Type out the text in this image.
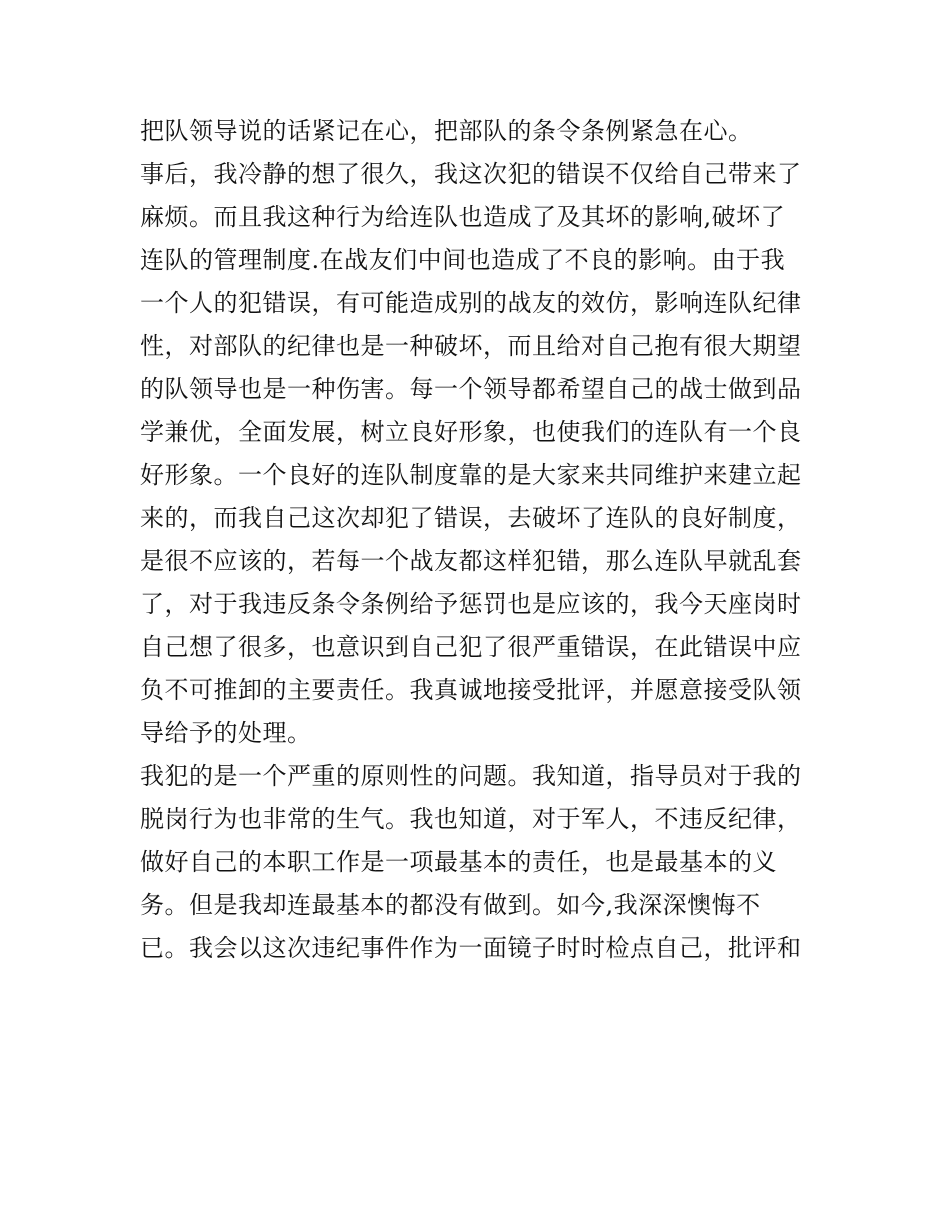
把队领导说的话紧记在心，把部队的条令条例紧急在心。
事后，我冷静的想了很久，我这次犯的错误不仅给自己带来了
麻烦。而且我这种行为给连队也造成了及其坏的影响,破坏了
连队的管理制度.在战友们中间也造成了不良的影响。由于我
一个人的犯错误，有可能造成别的战友的效仿，影响连队纪律
性，对部队的纪律也是一种破坏，而且给对自己抱有很大期望
的队领导也是一种伤害。每一个领导都希望自己的战士做到品
学兼优，全面发展，树立良好形象，也使我们的连队有一个良
好形象。一个良好的连队制度靠的是大家来共同维护来建立起
来的，而我自己这次却犯了错误，去破坏了连队的良好制度，
是很不应该的，若每一个战友都这样犯错，那么连队早就乱套
了，对于我违反条令条例给予惩罚也是应该的，我今天座岗时
自己想了很多，也意识到自己犯了很严重错误，在此错误中应
负不可推卸的主要责任。我真诚地接受批评，并愿意接受队领
导给予的处理。
我犯的是一个严重的原则性的问题。我知道，指导员对于我的
脱岗行为也非常的生气。我也知道，对于军人，不违反纪律，
做好自己的本职工作是一项最基本的责任，也是最基本的义
务。但是我却连最基本的都没有做到。如今,我深深懊悔不
已。我会以这次违纪事件作为一面镜子时时检点自己，批评和
